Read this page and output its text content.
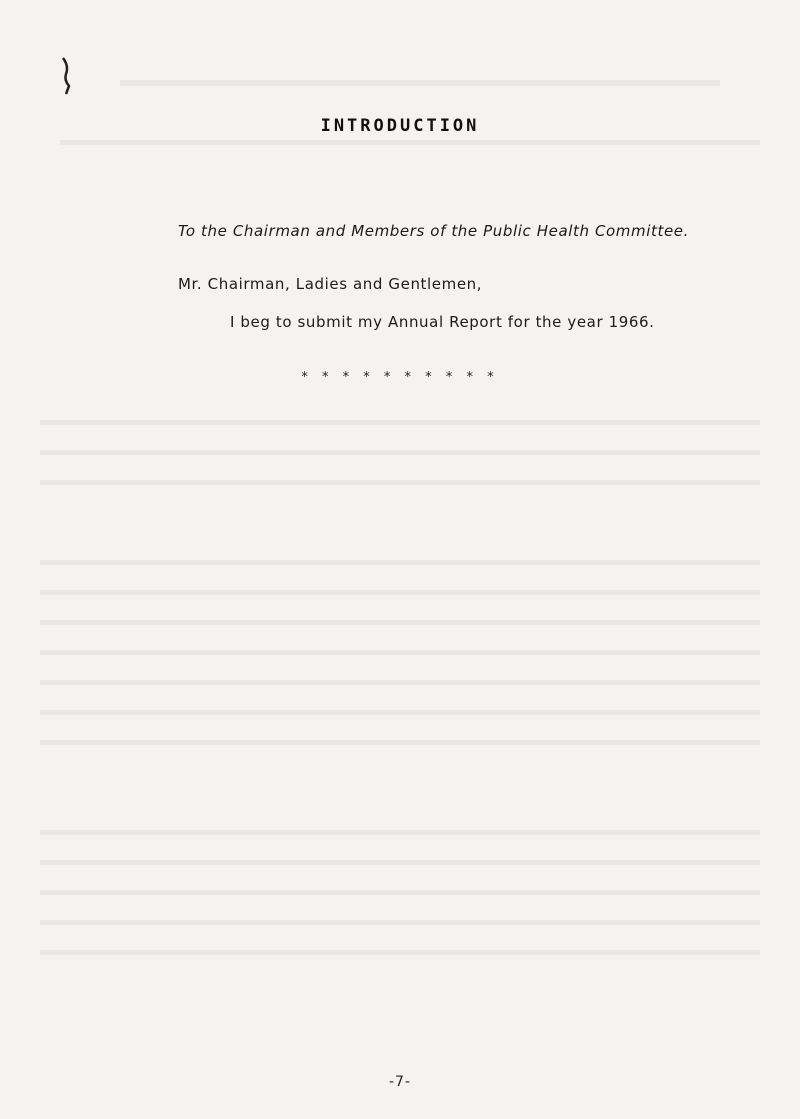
INTRODUCTION
To the Chairman and Members of the Public Health Committee.
Mr. Chairman, Ladies and Gentlemen,
I beg to submit my Annual Report for the year 1966.
* * * * * * * * * *
-7-
